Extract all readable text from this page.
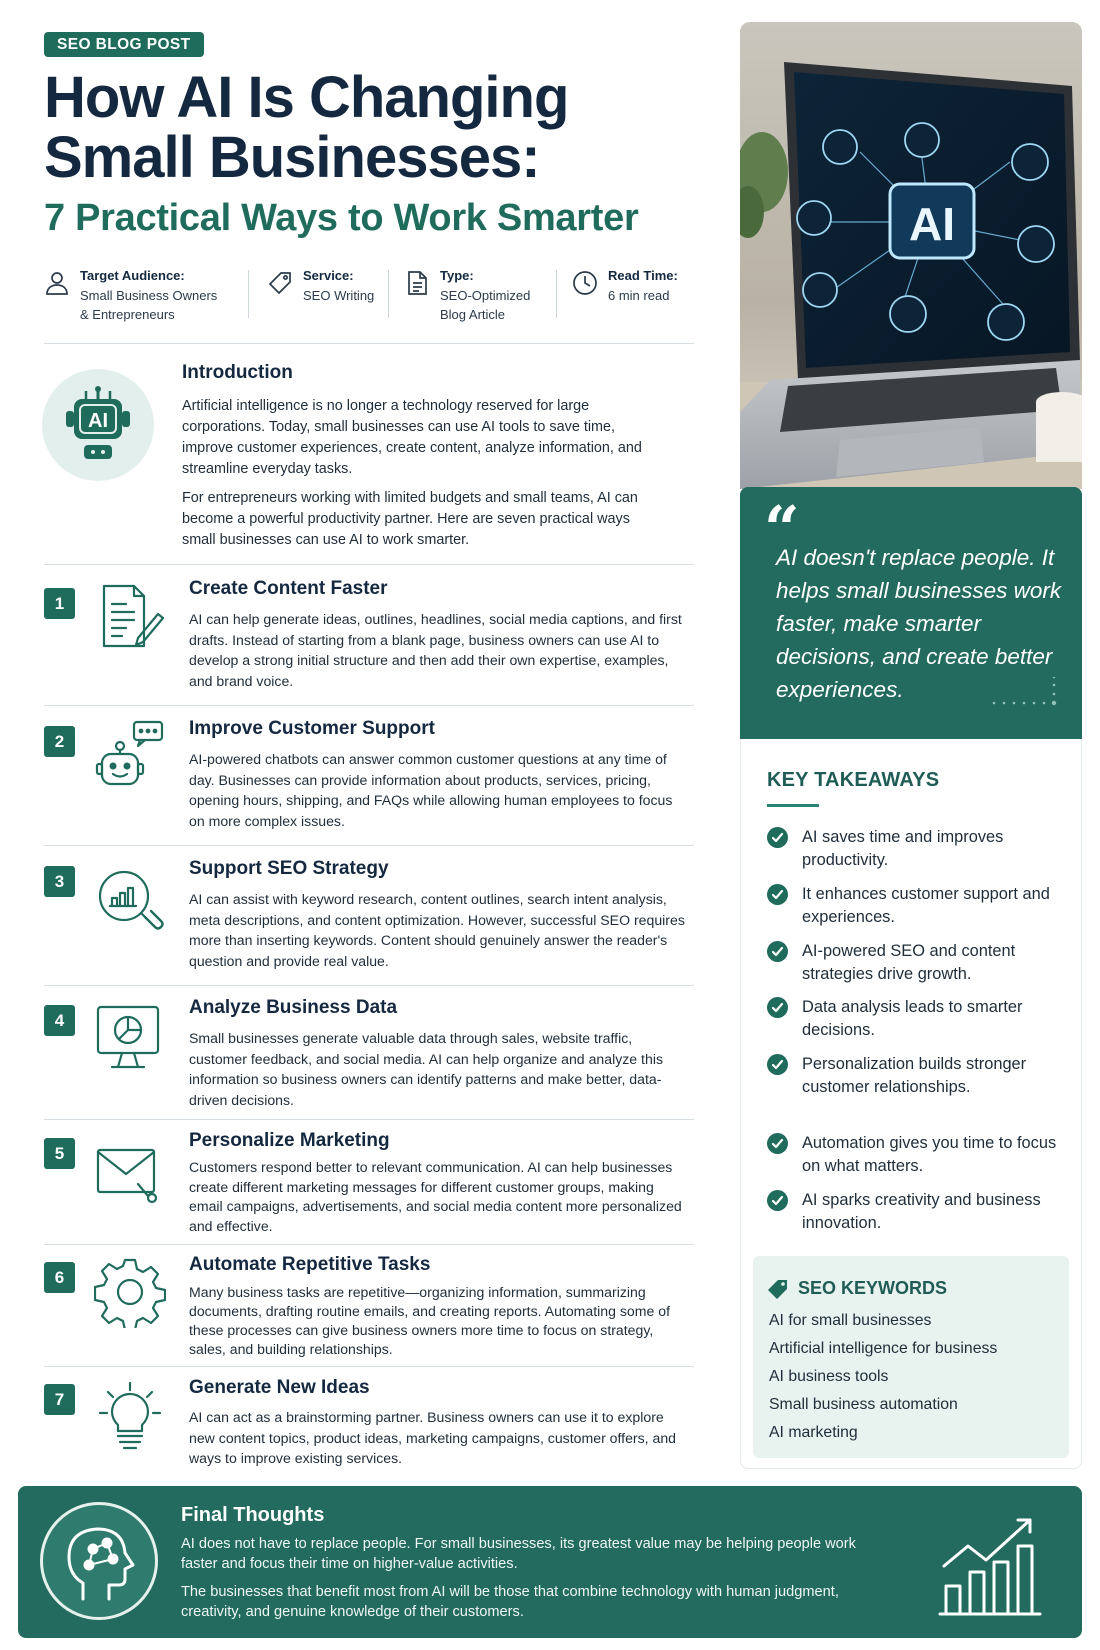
SEO BLOG POST
How AI Is Changing Small Businesses:
7 Practical Ways to Work Smarter
Target Audience:
Small Business Owners
& Entrepreneurs
Service:
SEO Writing
Type:
SEO-Optimized
Blog Article
Read Time:
6 min read
AI
Introduction

Artificial intelligence is no longer a technology reserved for large corporations. Today, small businesses can use AI tools to save time, improve customer experiences, create content, analyze information, and streamline everyday tasks.

For entrepreneurs working with limited budgets and small teams, AI can become a powerful productivity partner. Here are seven practical ways small businesses can use AI to work smarter.

1
Create Content Faster

AI can help generate ideas, outlines, headlines, social media captions, and first drafts. Instead of starting from a blank page, business owners can use AI to develop a strong initial structure and then add their own expertise, examples, and brand voice.

2
Improve Customer Support

AI-powered chatbots can answer common customer questions at any time of day. Businesses can provide information about products, services, pricing, opening hours, shipping, and FAQs while allowing human employees to focus on more complex issues.

3
Support SEO Strategy

AI can assist with keyword research, content outlines, search intent analysis, meta descriptions, and content optimization. However, successful SEO requires more than inserting keywords. Content should genuinely answer the reader's question and provide real value.

4
Analyze Business Data

Small businesses generate valuable data through sales, website traffic, customer feedback, and social media. AI can help organize and analyze this information so business owners can identify patterns and make better, data-driven decisions.

5
Personalize Marketing

Customers respond better to relevant communication. AI can help businesses create different marketing messages for different customer groups, making email campaigns, advertisements, and social media content more personalized and effective.

6
Automate Repetitive Tasks

Many business tasks are repetitive—organizing information, summarizing documents, drafting routine emails, and creating reports. Automating some of these processes can give business owners more time to focus on strategy, sales, and building relationships.

7
Generate New Ideas

AI can act as a brainstorming partner. Business owners can use it to explore new content topics, product ideas, marketing campaigns, customer offers, and ways to improve existing services.

AI
“

AI doesn't replace people. It helps small businesses work faster, make smarter decisions, and create better experiences.

KEY TAKEAWAYS
AI saves time and improves productivity.
It enhances customer support and experiences.
AI-powered SEO and content strategies drive growth.
Data analysis leads to smarter decisions.
Personalization builds stronger customer relationships.
Automation gives you time to focus on what matters.
AI sparks creativity and business innovation.
SEO KEYWORDS
AI for small businesses
Artificial intelligence for business
AI business tools
Small business automation
AI marketing
Final Thoughts

AI does not have to replace people. For small businesses, its greatest value may be helping people work faster and focus their time on higher-value activities.

The businesses that benefit most from AI will be those that combine technology with human judgment, creativity, and genuine knowledge of their customers.
